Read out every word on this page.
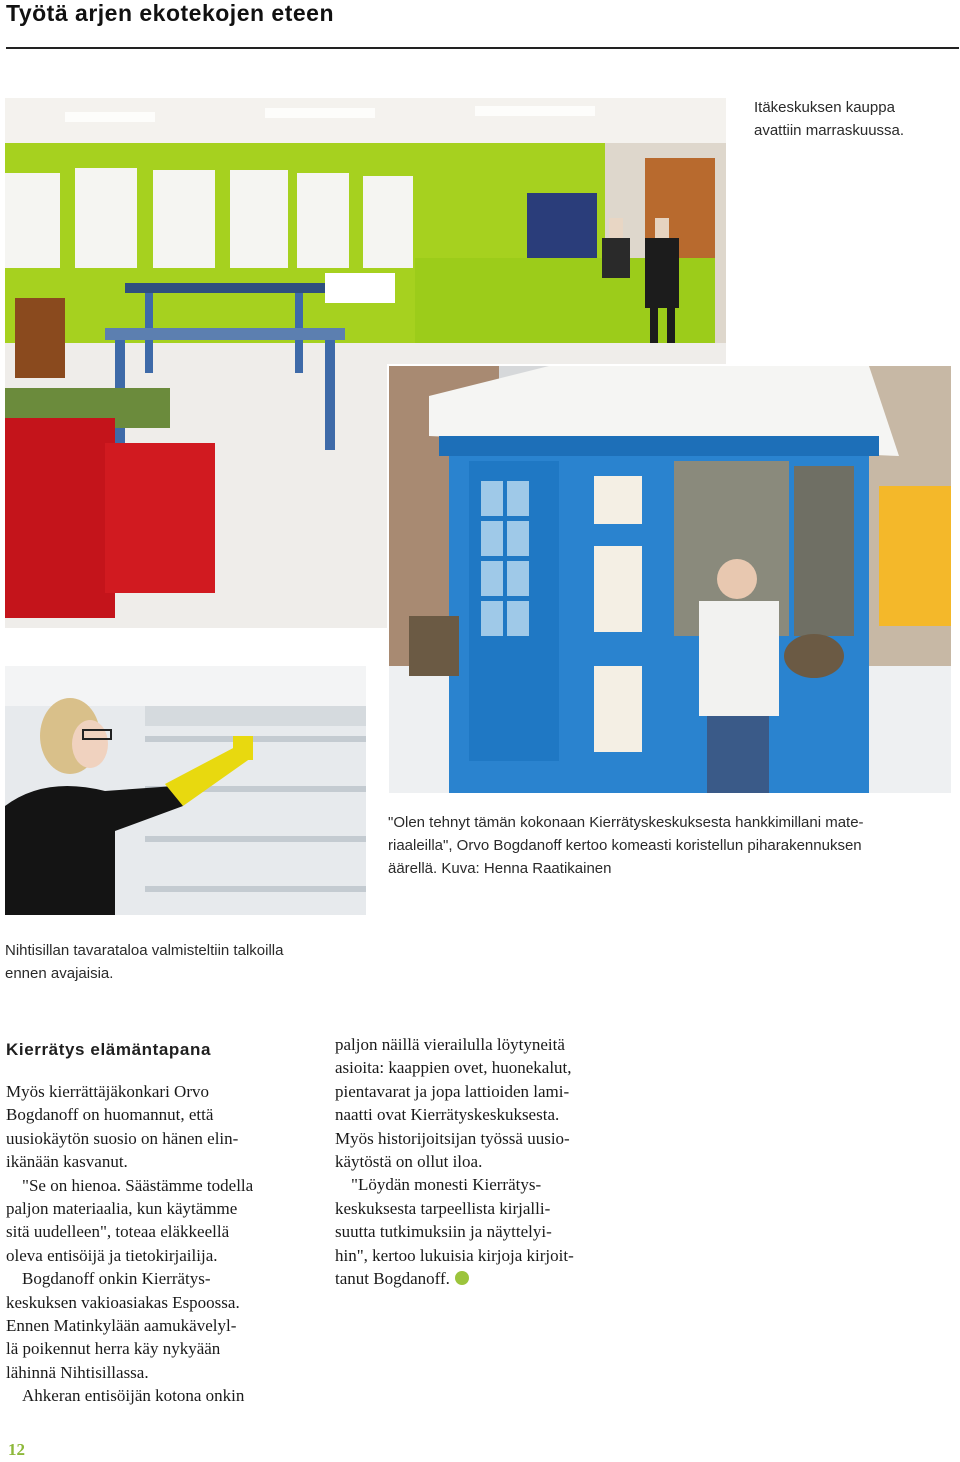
Työtä arjen ekotekojen eteen

Itäkeskuksen kauppa
avattiin marraskuussa.

"Olen tehnyt tämän kokonaan Kierrätyskeskuksesta hankkimillani mate-
riaaleilla", Orvo Bogdanoff kertoo komeasti koristellun piharakennuksen
äärellä. Kuva: Henna Raatikainen

Nihtisillan tavarataloa valmisteltiin talkoilla
ennen avajaisia.

Kierrätys elämäntapana
Myös kierrättäjäkonkari Orvo
Bogdanoff on huomannut, että
uusiokäytön suosio on hänen elin-
ikänään kasvanut.
"Se on hienoa. Säästämme todella
paljon materiaalia, kun käytämme
sitä uudelleen", toteaa eläkkeellä
oleva entisöijä ja tietokirjailija.
Bogdanoff onkin Kierrätys-
keskuksen vakioasiakas Espoossa.
Ennen Matinkylään aamukävelyl-
lä poikennut herra käy nykyään
lähinnä Nihtisillassa.
Ahkeran entisöijän kotona onkin
paljon näillä vierailulla löytyneitä
asioita: kaappien ovet, huonekalut,
pientavarat ja jopa lattioiden lami-
naatti ovat Kierrätyskeskuksesta.
Myös historijoitsijan työssä uusio-
käytöstä on ollut iloa.
"Löydän monesti Kierrätys-
keskuksesta tarpeellista kirjalli-
suutta tutkimuksiin ja näyttelyi-
hin", kertoo lukuisia kirjoja kirjoit-
tanut Bogdanoff.

12
